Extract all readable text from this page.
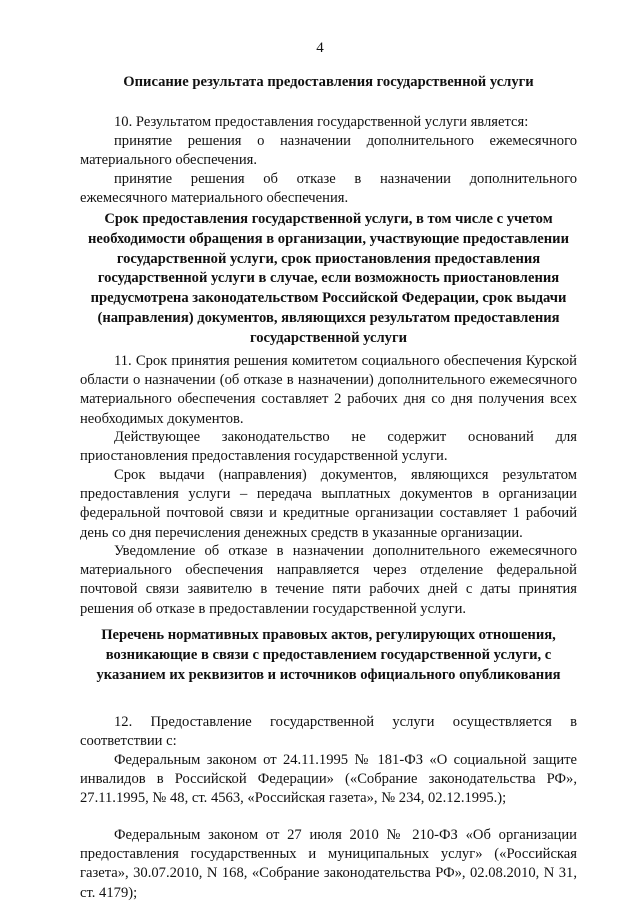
4
Описание результата предоставления государственной услуги

10. Результатом предоставления государственной услуги является:

принятие решения о назначении дополнительного ежемесячного материального обеспечения.

принятие решения об отказе в назначении дополнительного ежемесячного материального обеспечения.

Срок предоставления государственной услуги, в том числе с учетом необходимости обращения в организации, участвующие предоставлении государственной услуги, срок приостановления предоставления государственной услуги в случае, если возможность приостановления предусмотрена законодательством Российской Федерации, срок выдачи (направления) документов, являющихся результатом предоставления государственной услуги

11. Срок принятия решения комитетом социального обеспечения Курской области о назначении (об отказе в назначении) дополнительного ежемесячного материального обеспечения составляет 2 рабочих дня со дня получения всех необходимых документов.

Действующее законодательство не содержит оснований для приостановления предоставления государственной услуги.

Срок выдачи (направления) документов, являющихся результатом предоставления услуги – передача выплатных документов в организации федеральной почтовой связи и кредитные организации составляет 1 рабочий день со дня перечисления денежных средств в указанные организации.

Уведомление об отказе в назначении дополнительного ежемесячного материального обеспечения направляется через отделение федеральной почтовой связи заявителю в течение пяти рабочих дней с даты принятия решения об отказе в предоставлении государственной услуги.

Перечень нормативных правовых актов, регулирующих отношения, возникающие в связи с предоставлением государственной услуги, с указанием их реквизитов и источников официального опубликования

12. Предоставление государственной услуги осуществляется в соответствии с:

Федеральным законом от 24.11.1995 № 181-ФЗ «О социальной защите инвалидов в Российской Федерации» («Собрание законодательства РФ», 27.11.1995, № 48, ст. 4563, «Российская газета», № 234, 02.12.1995.);

Федеральным законом от 27 июля 2010 № 210-ФЗ «Об организации предоставления государственных и муниципальных услуг» («Российская газета», 30.07.2010, N 168, «Собрание законодательства РФ», 02.08.2010, N 31, ст. 4179);
